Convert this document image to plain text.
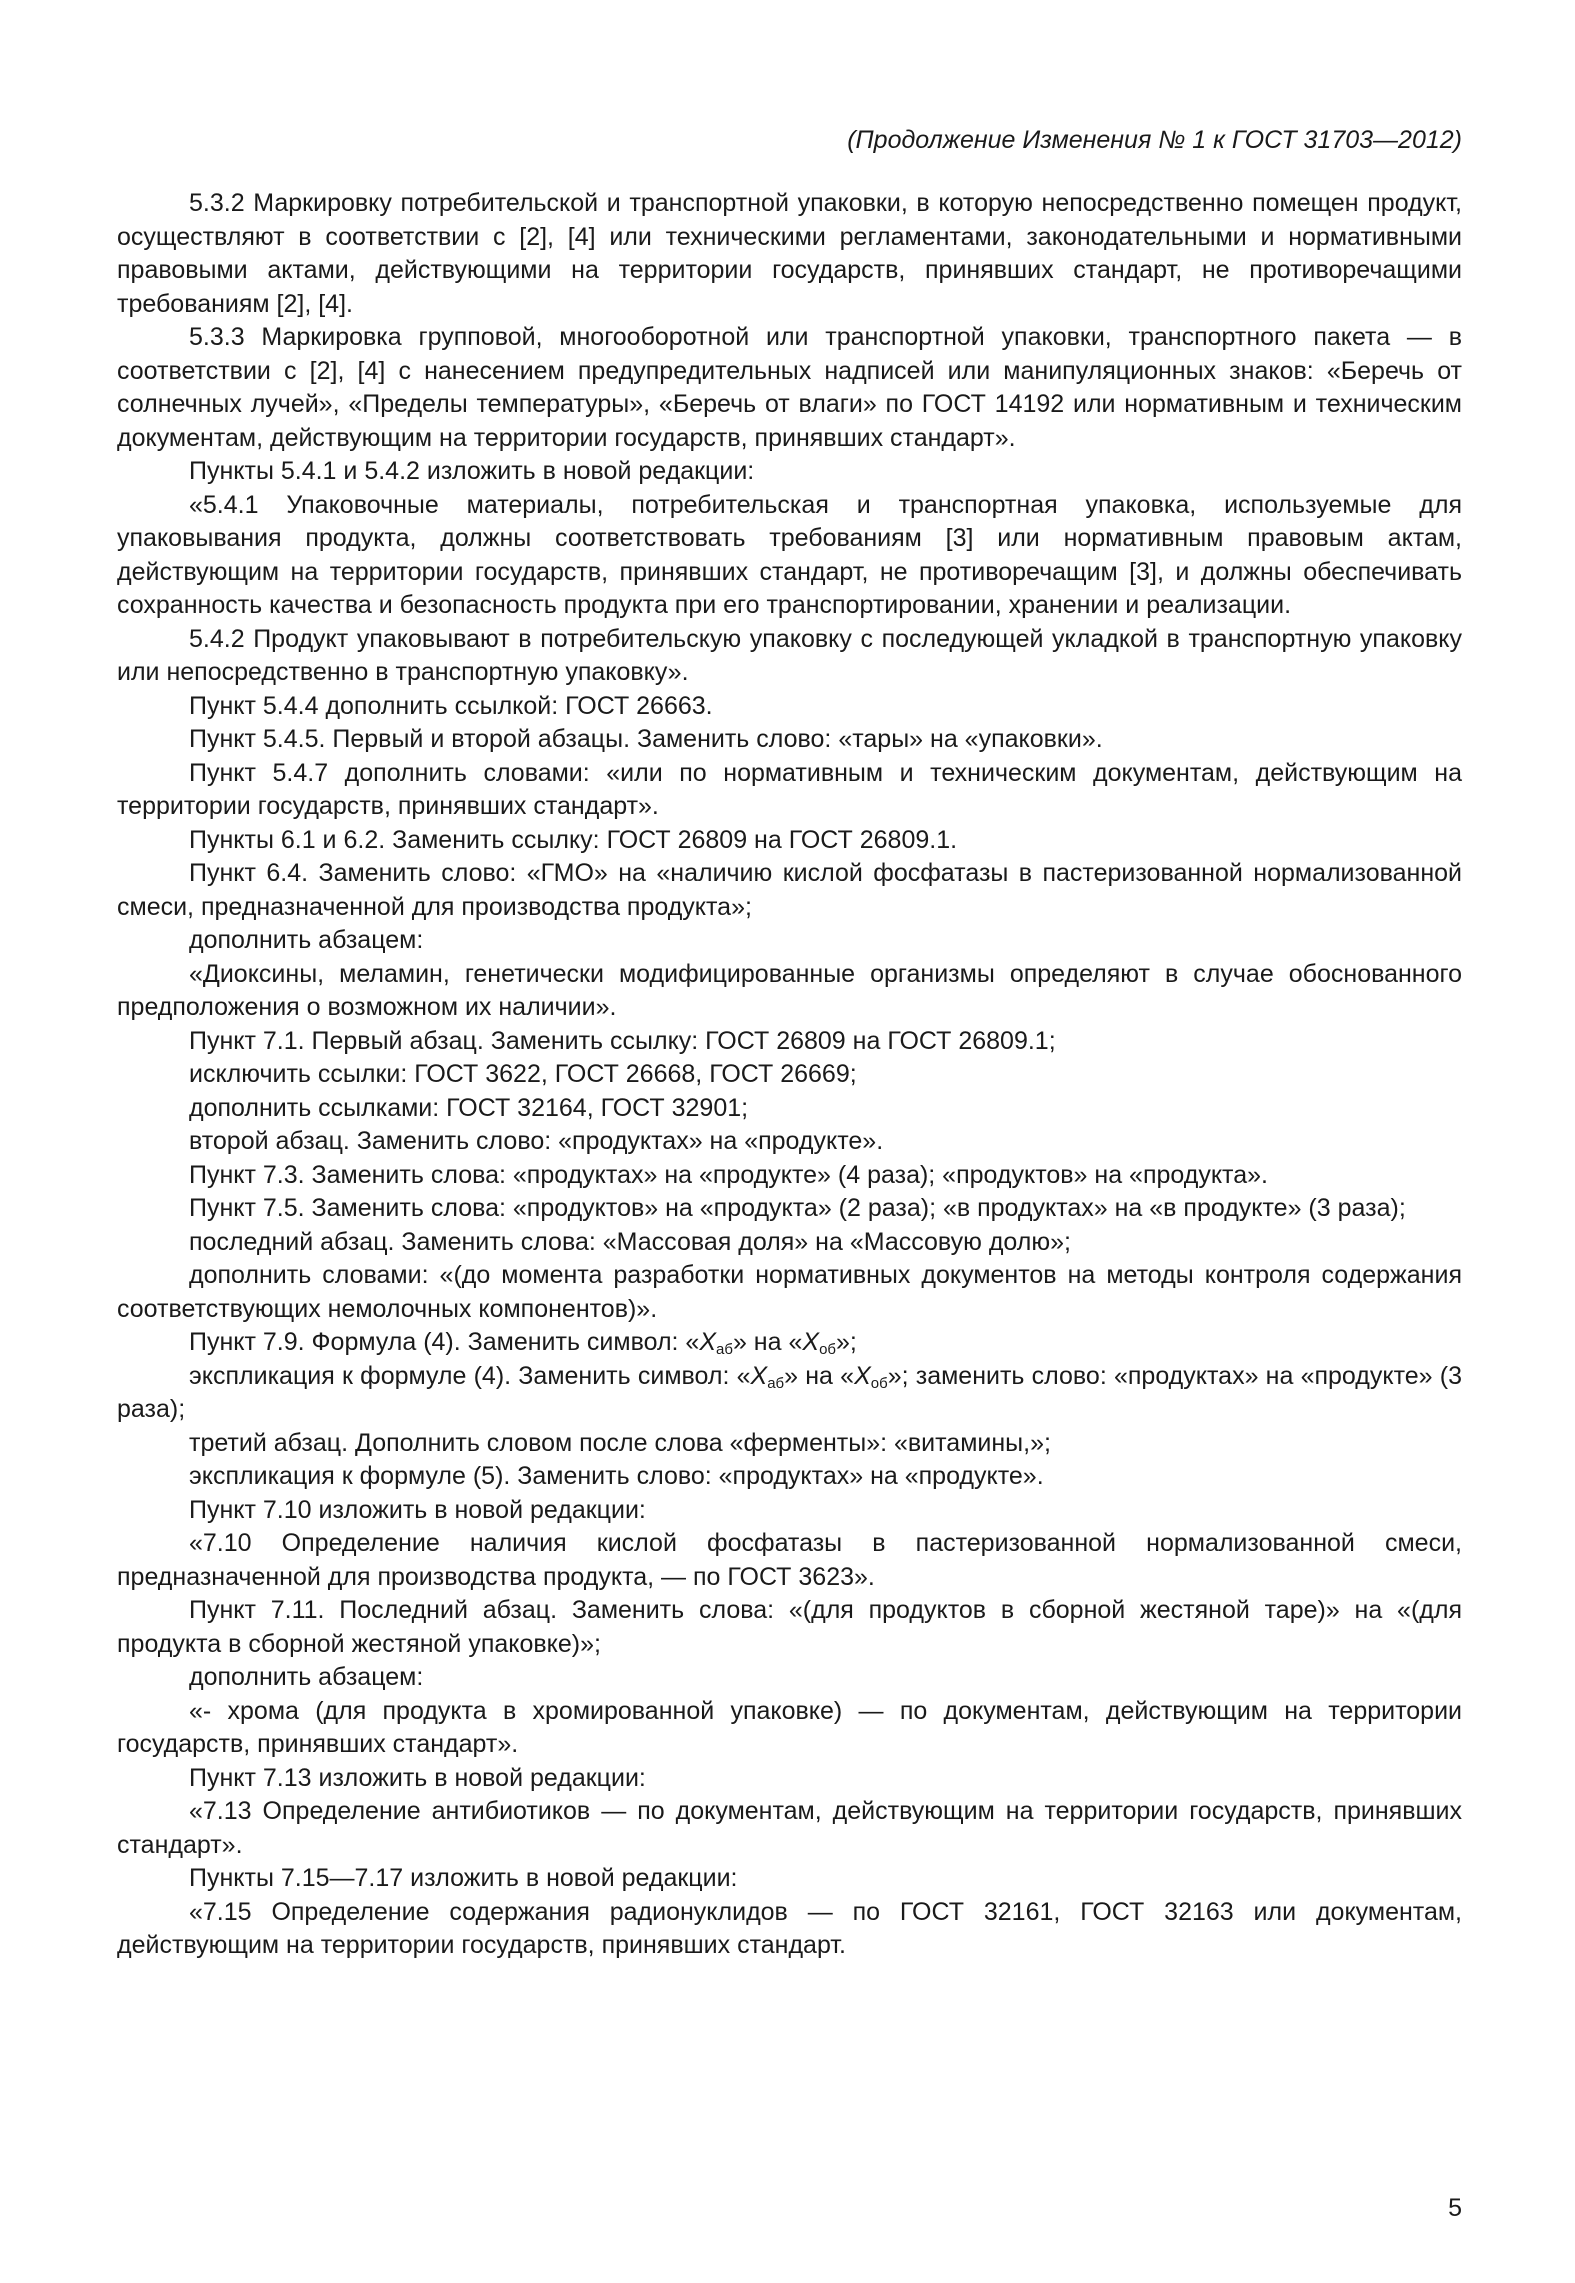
(Продолжение Изменения № 1 к ГОСТ 31703—2012)

5.3.2 Маркировку потребительской и транспортной упаковки, в которую непосредственно помещен продукт, осуществляют в соответствии с [2], [4] или техническими регламентами, законодательными и нормативными правовыми актами, действующими на территории государств, принявших стандарт, не противоречащими требованиям [2], [4].

5.3.3 Маркировка групповой, многооборотной или транспортной упаковки, транспортного пакета — в соответствии с [2], [4] с нанесением предупредительных надписей или манипуляционных знаков: «Беречь от солнечных лучей», «Пределы температуры», «Беречь от влаги» по ГОСТ 14192 или нормативным и техническим документам, действующим на территории государств, принявших стандарт».

Пункты 5.4.1 и 5.4.2 изложить в новой редакции:

«5.4.1 Упаковочные материалы, потребительская и транспортная упаковка, используемые для упаковывания продукта, должны соответствовать требованиям [3] или нормативным правовым актам, действующим на территории государств, принявших стандарт, не противоречащим [3], и должны обеспечивать сохранность качества и безопасность продукта при его транспортировании, хранении и реализации.

5.4.2 Продукт упаковывают в потребительскую упаковку с последующей укладкой в транспортную упаковку или непосредственно в транспортную упаковку».

Пункт 5.4.4 дополнить ссылкой: ГОСТ 26663.

Пункт 5.4.5. Первый и второй абзацы. Заменить слово: «тары» на «упаковки».

Пункт 5.4.7 дополнить словами: «или по нормативным и техническим документам, действующим на территории государств, принявших стандарт».

Пункты 6.1 и 6.2. Заменить ссылку: ГОСТ 26809 на ГОСТ 26809.1.

Пункт 6.4. Заменить слово: «ГМО» на «наличию кислой фосфатазы в пастеризованной нормализованной смеси, предназначенной для производства продукта»;

дополнить абзацем:

«Диоксины, меламин, генетически модифицированные организмы определяют в случае обоснованного предположения о возможном их наличии».

Пункт 7.1. Первый абзац. Заменить ссылку: ГОСТ 26809 на ГОСТ 26809.1;

исключить ссылки: ГОСТ 3622, ГОСТ 26668, ГОСТ 26669;

дополнить ссылками: ГОСТ 32164, ГОСТ 32901;

второй абзац. Заменить слово: «продуктах» на «продукте».

Пункт 7.3. Заменить слова: «продуктах» на «продукте» (4 раза); «продуктов» на «продукта».

Пункт 7.5. Заменить слова: «продуктов» на «продукта» (2 раза); «в продуктах» на «в продукте» (3 раза);

последний абзац. Заменить слова: «Массовая доля» на «Массовую долю»;

дополнить словами: «(до момента разработки нормативных документов на методы контроля содержания соответствующих немолочных компонентов)».

Пункт 7.9. Формула (4). Заменить символ: «$X_{аб}$» на «$X_{об}$»;

экспликация к формуле (4). Заменить символ: «$X_{аб}$» на «$X_{об}$»; заменить слово: «продуктах» на «продукте» (3 раза);

третий абзац. Дополнить словом после слова «ферменты»: «витамины,»;

экспликация к формуле (5). Заменить слово: «продуктах» на «продукте».

Пункт 7.10 изложить в новой редакции:

«7.10 Определение наличия кислой фосфатазы в пастеризованной нормализованной смеси, предназначенной для производства продукта, — по ГОСТ 3623».

Пункт 7.11. Последний абзац. Заменить слова: «(для продуктов в сборной жестяной таре)» на «(для продукта в сборной жестяной упаковке)»;

дополнить абзацем:

«- хрома (для продукта в хромированной упаковке) — по документам, действующим на территории государств, принявших стандарт».

Пункт 7.13 изложить в новой редакции:

«7.13 Определение антибиотиков — по документам, действующим на территории государств, принявших стандарт».

Пункты 7.15—7.17 изложить в новой редакции:

«7.15 Определение содержания радионуклидов — по ГОСТ 32161, ГОСТ 32163 или документам, действующим на территории государств, принявших стандарт.

5
